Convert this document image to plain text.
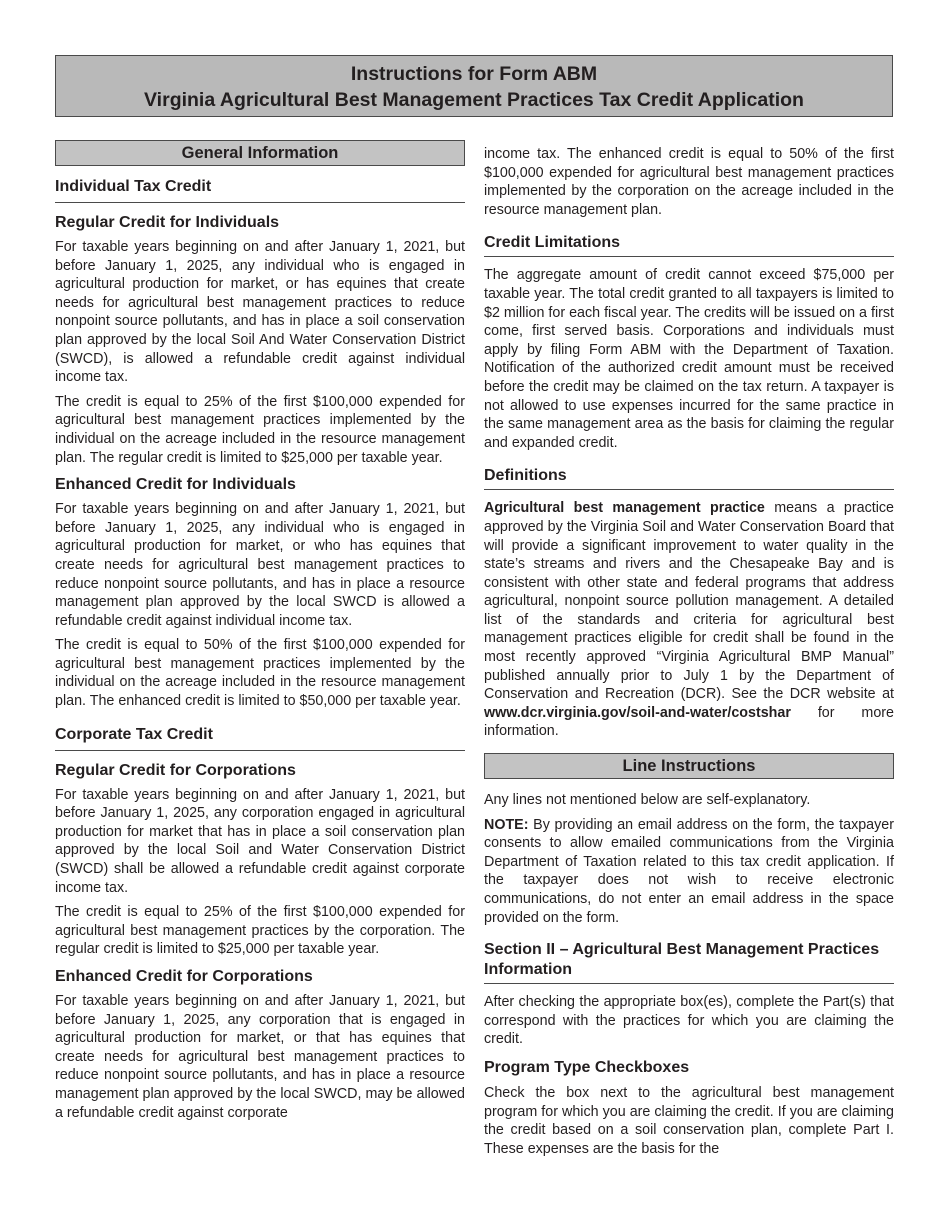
Instructions for Form ABM
Virginia Agricultural Best Management Practices Tax Credit Application
General Information
Individual Tax Credit
Regular Credit for Individuals

For taxable years beginning on and after January 1, 2021, but before January 1, 2025, any individual who is engaged in agricultural production for market, or has equines that create needs for agricultural best management practices to reduce nonpoint source pollutants, and has in place a soil conservation plan approved by the local Soil And Water Conservation District (SWCD), is allowed a refundable credit against individual income tax.

The credit is equal to 25% of the first $100,000 expended for agricultural best management practices implemented by the individual on the acreage included in the resource management plan. The regular credit is limited to $25,000 per taxable year.

Enhanced Credit for Individuals

For taxable years beginning on and after January 1, 2021, but before January 1, 2025, any individual who is engaged in agricultural production for market, or who has equines that create needs for agricultural best management practices to reduce nonpoint source pollutants, and has in place a resource management plan approved by the local SWCD is allowed a refundable credit against individual income tax.

The credit is equal to 50% of the first $100,000 expended for agricultural best management practices implemented by the individual on the acreage included in the resource management plan. The enhanced credit is limited to $50,000 per taxable year.

Corporate Tax Credit
Regular Credit for Corporations

For taxable years beginning on and after January 1, 2021, but before January 1, 2025, any corporation engaged in agricultural production for market that has in place a soil conservation plan approved by the local Soil and Water Conservation District (SWCD) shall be allowed a refundable credit against corporate income tax.

The credit is equal to 25% of the first $100,000 expended for agricultural best management practices by the corporation. The regular credit is limited to $25,000 per taxable year.

Enhanced Credit for Corporations

For taxable years beginning on and after January 1, 2021, but before January 1, 2025, any corporation that is engaged in agricultural production for market, or that has equines that create needs for agricultural best management practices to reduce nonpoint source pollutants, and has in place a resource management plan approved by the local SWCD, may be allowed a refundable credit against corporate

income tax. The enhanced credit is equal to 50% of the first $100,000 expended for agricultural best management practices implemented by the corporation on the acreage included in the resource management plan.

Credit Limitations

The aggregate amount of credit cannot exceed $75,000 per taxable year. The total credit granted to all taxpayers is limited to $2 million for each fiscal year. The credits will be issued on a first come, first served basis. Corporations and individuals must apply by filing Form ABM with the Department of Taxation. Notification of the authorized credit amount must be received before the credit may be claimed on the tax return. A taxpayer is not allowed to use expenses incurred for the same practice in the same management area as the basis for claiming the regular and expanded credit.

Definitions

Agricultural best management practice means a practice approved by the Virginia Soil and Water Conservation Board that will provide a significant improvement to water quality in the state’s streams and rivers and the Chesapeake Bay and is consistent with other state and federal programs that address agricultural, nonpoint source pollution management. A detailed list of the standards and criteria for agricultural best management practices eligible for credit shall be found in the most recently approved “Virginia Agricultural BMP Manual” published annually prior to July 1 by the Department of Conservation and Recreation (DCR). See the DCR website at www.dcr.virginia.gov/soil-and-water/costshar for more information.

Line Instructions

Any lines not mentioned below are self-explanatory.

NOTE: By providing an email address on the form, the taxpayer consents to allow emailed communications from the Virginia Department of Taxation related to this tax credit application. If the taxpayer does not wish to receive electronic communications, do not enter an email address in the space provided on the form.

Section II – Agricultural Best Management Practices Information

After checking the appropriate box(es), complete the Part(s) that correspond with the practices for which you are claiming the credit.

Program Type Checkboxes

Check the box next to the agricultural best management program for which you are claiming the credit. If you are claiming the credit based on a soil conservation plan, complete Part I. These expenses are the basis for the
